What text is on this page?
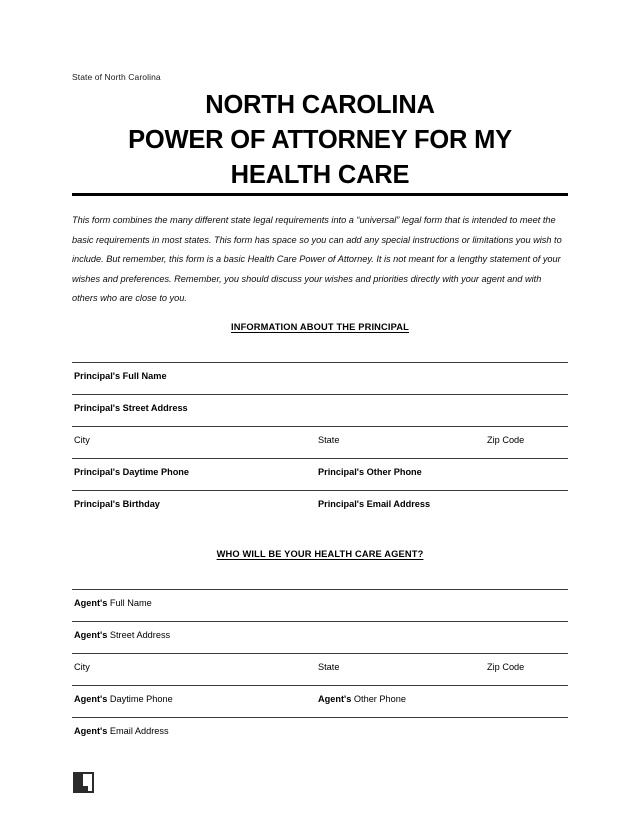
State of North Carolina
NORTH CAROLINA
POWER OF ATTORNEY FOR MY
HEALTH CARE
This form combines the many different state legal requirements into a “universal” legal form that is intended to meet the basic requirements in most states. This form has space so you can add any special instructions or limitations you wish to include. But remember, this form is a basic Health Care Power of Attorney. It is not meant for a lengthy statement of your wishes and preferences. Remember, you should discuss your wishes and priorities directly with your agent and with others who are close to you.
INFORMATION ABOUT THE PRINCIPAL
Principal's Full Name
Principal's Street Address
City	State	Zip Code
Principal's Daytime Phone	Principal's Other Phone
Principal's Birthday	Principal's Email Address
WHO WILL BE YOUR HEALTH CARE AGENT?
Agent's Full Name
Agent's Street Address
City	State	Zip Code
Agent's Daytime Phone	Agent's Other Phone
Agent's Email Address
